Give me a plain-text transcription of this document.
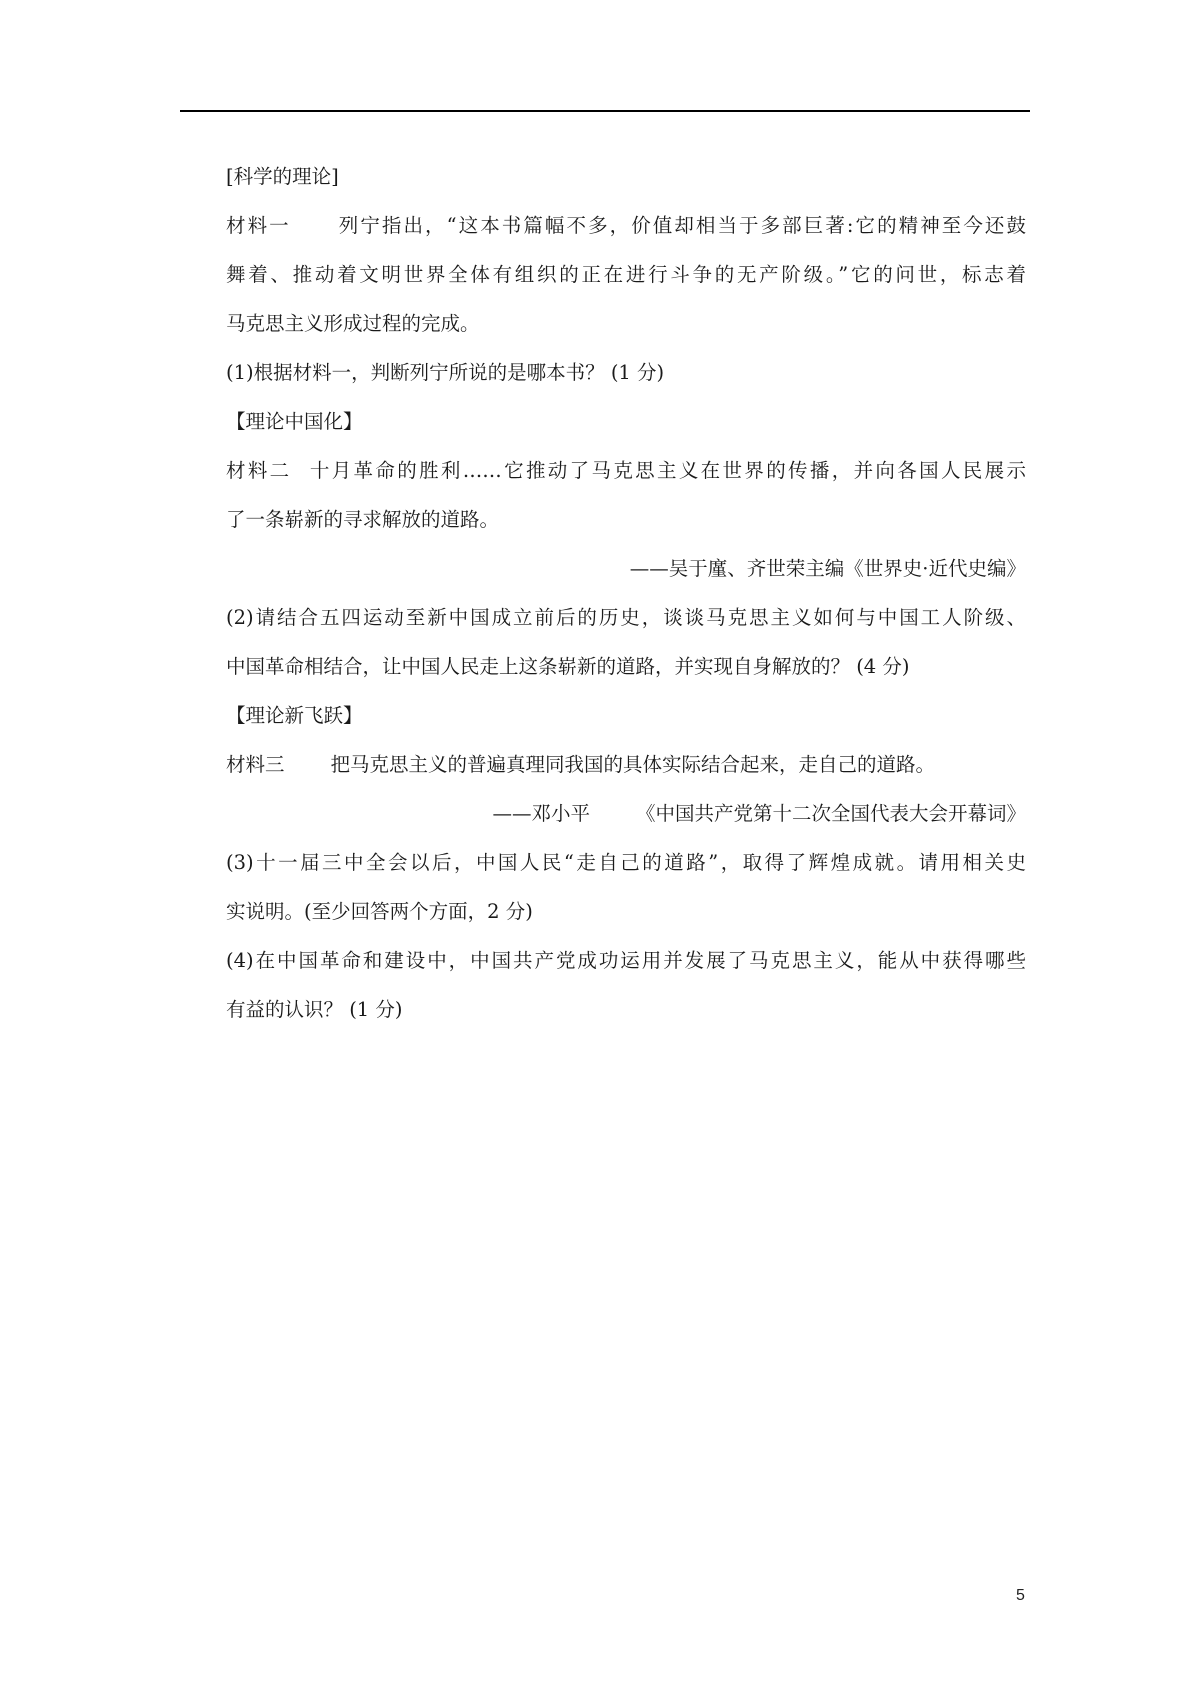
[科学的理论]
材料一 列宁指出，“这本书篇幅不多，价值却相当于多部巨著:它的精神至今还鼓
舞着、推动着文明世界全体有组织的正在进行斗争的无产阶级。”它的问世，标志着
马克思主义形成过程的完成。
(1)根据材料一，判断列宁所说的是哪本书？ (1 分)
【理论中国化】
材料二 十月革命的胜利……它推动了马克思主义在世界的传播，并向各国人民展示
了一条崭新的寻求解放的道路。
——吴于廑、齐世荣主编《世界史·近代史编》
(2)请结合五四运动至新中国成立前后的历史，谈谈马克思主义如何与中国工人阶级、
中国革命相结合，让中国人民走上这条崭新的道路，并实现自身解放的？ (4 分)
【理论新飞跃】
材料三 把马克思主义的普遍真理同我国的具体实际结合起来，走自己的道路。
——邓小平 《中国共产党第十二次全国代表大会开幕词》
(3)十一届三中全会以后，中国人民“走自己的道路”，取得了辉煌成就。请用相关史
实说明。(至少回答两个方面，2 分)
(4)在中国革命和建设中，中国共产党成功运用并发展了马克思主义，能从中获得哪些
有益的认识？ (1 分)
5
